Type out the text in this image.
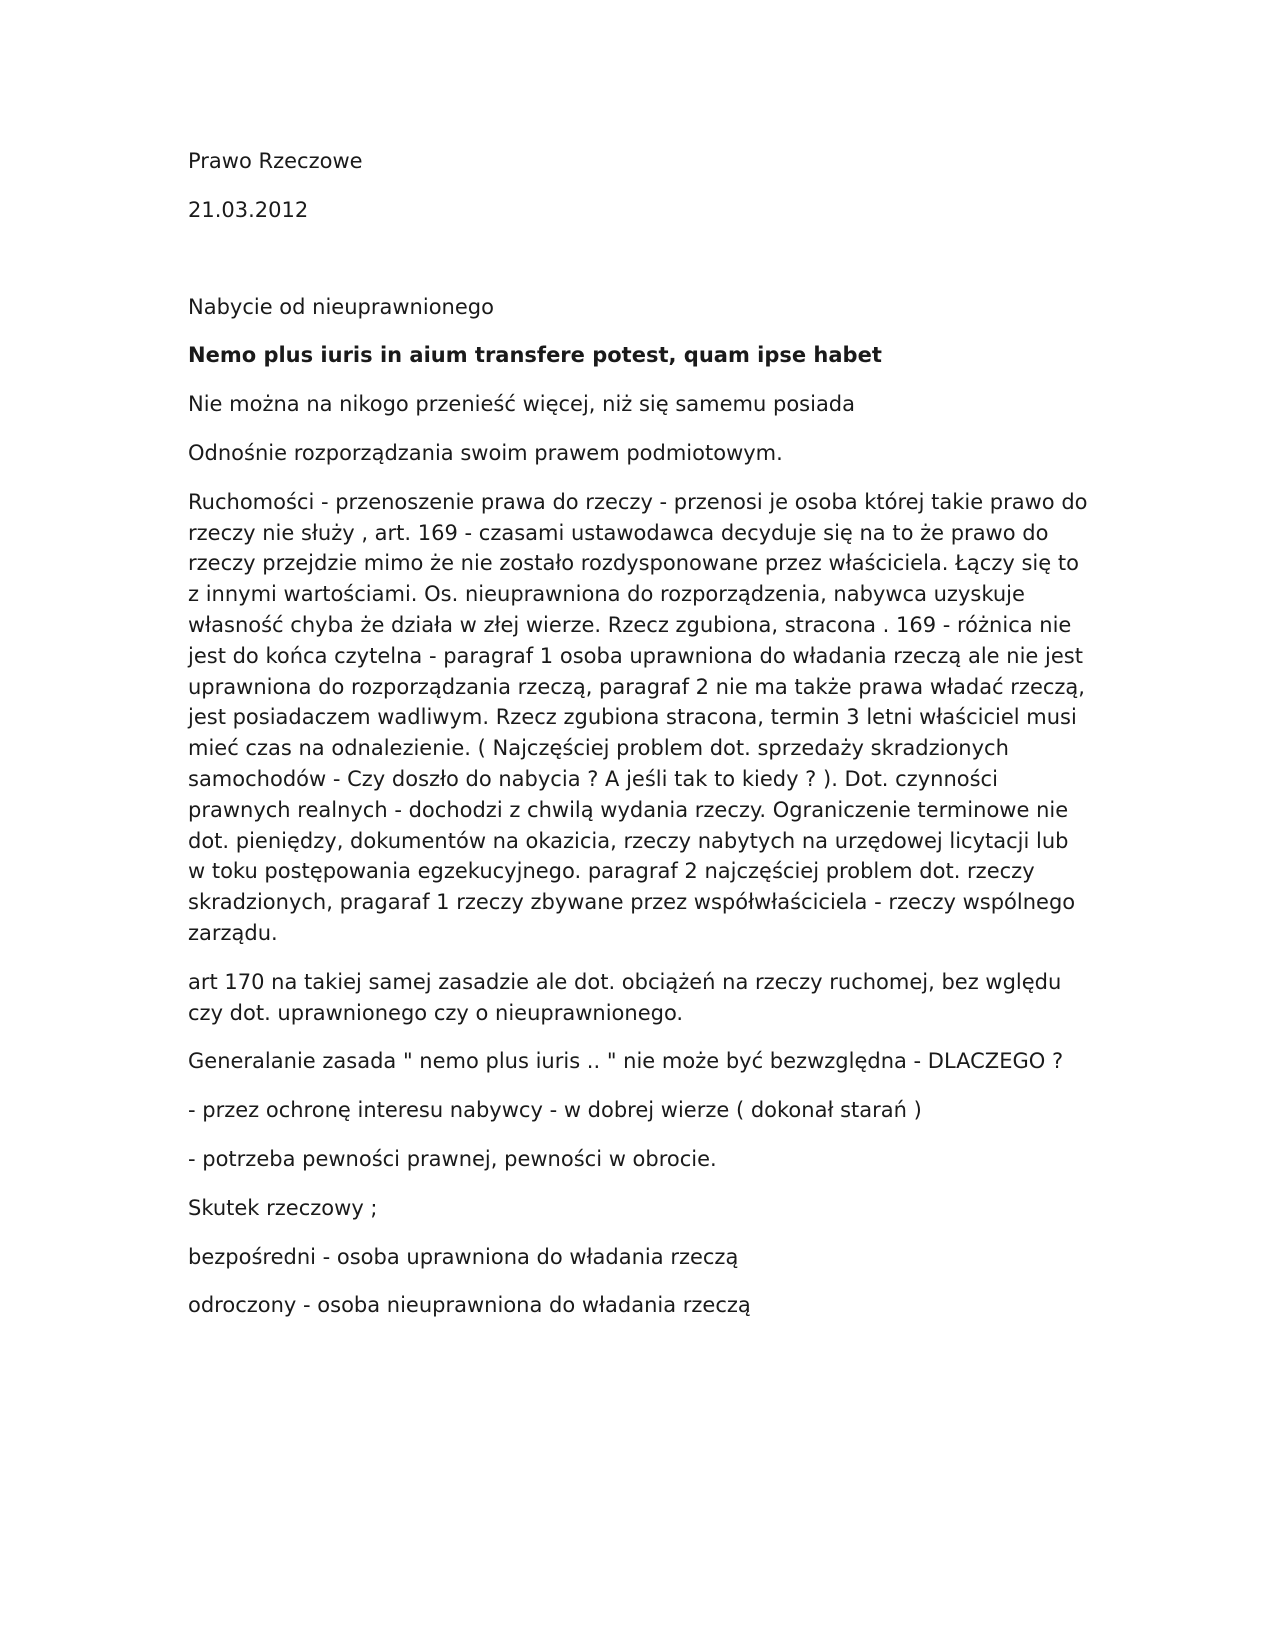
Prawo Rzeczowe

21.03.2012

Nabycie od nieuprawnionego

Nemo plus iuris in aium transfere potest, quam ipse habet

Nie można na nikogo przenieść więcej, niż się samemu posiada

Odnośnie rozporządzania swoim prawem podmiotowym.

Ruchomości - przenoszenie prawa do rzeczy - przenosi je osoba której takie prawo do rzeczy nie służy , art. 169 - czasami ustawodawca decyduje się na to że prawo do rzeczy przejdzie mimo że nie zostało rozdysponowane przez właściciela. Łączy się to z innymi wartościami. Os. nieuprawniona do rozporządzenia, nabywca uzyskuje własność chyba że działa w złej wierze. Rzecz zgubiona, stracona . 169 - różnica nie jest do końca czytelna - paragraf 1 osoba uprawniona do władania rzeczą ale nie jest uprawniona do rozporządzania rzeczą, paragraf 2 nie ma także prawa władać rzeczą, jest posiadaczem wadliwym. Rzecz zgubiona stracona, termin 3 letni właściciel musi mieć czas na odnalezienie. ( Najczęściej problem dot. sprzedaży skradzionych samochodów - Czy doszło do nabycia ? A jeśli tak to kiedy ? ). Dot. czynności prawnych realnych - dochodzi z chwilą wydania rzeczy. Ograniczenie terminowe nie dot. pieniędzy, dokumentów na okazicia, rzeczy nabytych na urzędowej licytacji lub w toku postępowania egzekucyjnego. paragraf 2 najczęściej problem dot. rzeczy skradzionych, pragaraf 1 rzeczy zbywane przez współwłaściciela - rzeczy wspólnego zarządu.

art 170 na takiej samej zasadzie ale dot. obciążeń na rzeczy ruchomej, bez wględu czy dot. uprawnionego czy o nieuprawnionego.

Generalanie zasada " nemo plus iuris .. " nie może być bezwzględna - DLACZEGO ?

- przez ochronę interesu nabywcy - w dobrej wierze ( dokonał starań )

- potrzeba pewności prawnej, pewności w obrocie.

Skutek rzeczowy ;

bezpośredni - osoba uprawniona do władania rzeczą

odroczony - osoba nieuprawniona do władania rzeczą
